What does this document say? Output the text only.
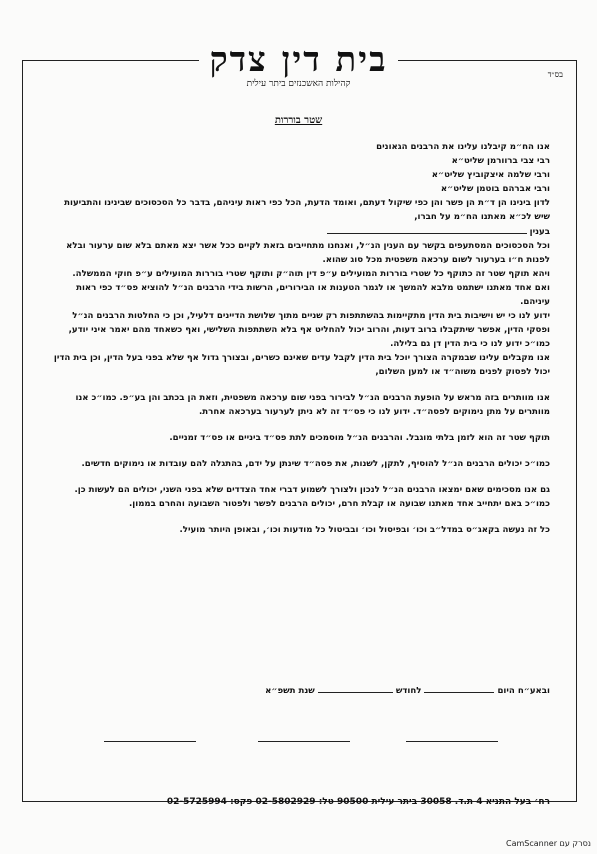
בס״ד
בית דין צדק
קהילות האשכנזים ביתר עילית
שטר בוררות

אנו הח״מ קיבלנו עלינו את הרבנים הגאונים

רבי צבי ברוורמן שליט״א

ורבי שלמה איצקוביץ שליט״א

ורבי אברהם בוטמן שליט״א

לדון בינינו הן ד״ת הן פשר והן כפי שיקול דעתם, ואומד הדעת, הכל כפי ראות עיניהם, בדבר כל הסכסוכים שבינינו והתביעות שיש לכ״א מאתנו הח״מ על חברו,

בענין

וכל הסכסוכים המסתעפים בקשר עם הענין הנ״ל, ואנחנו מתחייבים בזאת לקיים ככל אשר יצא מאתם בלא שום ערעור ובלא לפנות ח״ו בערעור לשום ערכאה משפטית מכל סוג שהוא.

ויהא תוקף שטר זה כתוקף כל שטרי בוררות המועילים ע״פ דין תוה״ק ותוקף שטרי בוררות המועילים ע״פ חוקי הממשלה.

ואם אחד מאתנו ישתמט מלבא להמשך או לגמר הטענות או הבירורים, הרשות בידי הרבנים הנ״ל להוציא פס״ד כפי ראות עיניהם.

ידוע לנו כי יש וישיבות בית הדין מתקיימות בהשתתפות רק שניים מתוך שלושת הדיינים דלעיל, וכן כי החלטות הרבנים הנ״ל ופסקי הדין, אפשר שיתקבלו ברוב דעות, והרוב יכול להחליט אף בלא השתתפות השלישי, ואף כשאחד מהם יאמר איני יודע, כמו״כ ידוע לנו כי בית הדין דן גם בלילה.

אנו מקבלים עלינו שבמקרה הצורך יוכל בית הדין לקבל עדים שאינם כשרים, ובצורך גדול אף שלא בפני בעל הדין, וכן בית הדין יכול לפסוק לפנים משוה״ד או למען השלום,

אנו מוותרים בזה מראש על הופעת הרבנים הנ״ל לבירור בפני שום ערכאה משפטית, וזאת הן בכתב והן בע״פ. כמו״כ אנו מוותרים על מתן נימוקים לפסה״ד. ידוע לנו כי פס״ד זה לא ניתן לערעור בערכאה אחרת.

תוקף שטר זה הוא לזמן בלתי מוגבל. והרבנים הנ״ל מוסמכים לתת פס״ד ביניים או פס״ד זמניים.

כמו״כ יכולים הרבנים הנ״ל להוסיף, לתקן, לשנות, את פסה״ד שינתן על ידם, בהתגלה להם עובדות או נימוקים חדשים.

גם אנו מסכימים שאם ימצאו הרבנים הנ״ל לנכון ולצורך לשמוע דברי אחד הצדדים שלא בפני השני, יכולים הם לעשות כן. כמו״כ באם יתחייב אחד מאתנו שבועה או קבלת חרם, יכולים הרבנים לפשר ולפטור השבועה והחרם בממון.

כל זה נעשה בקאג״ס במדל״ב וכו׳ ובפיסול וכו׳ ובביטול כל מודעות וכו׳, ובאופן היותר מועיל.

ובאע״ח היום  לחודש  שנת תשפ״א
רח׳ בעל התניא 4 ת.ד. 30058 ביתר עילית 90500 טל: 02-5802929 פקס: 02-5725994
נסרק עם CamScanner
